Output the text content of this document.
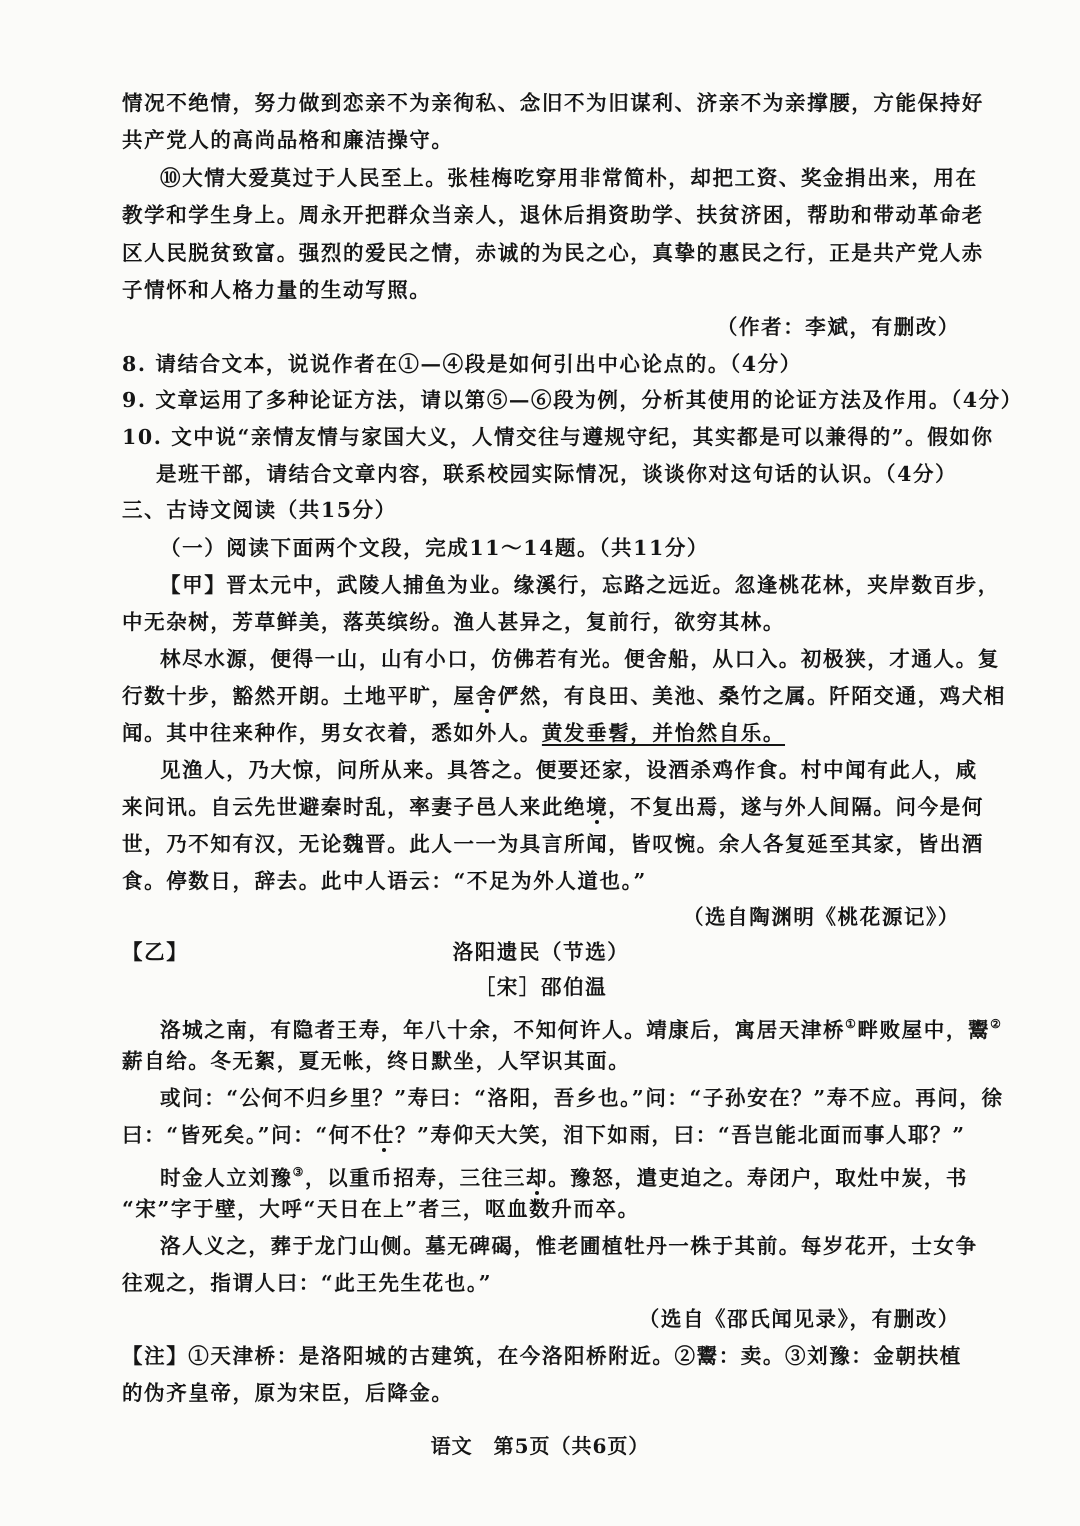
情况不绝情，努力做到恋亲不为亲徇私、念旧不为旧谋利、济亲不为亲撑腰，方能保持好
共产党人的高尚品格和廉洁操守。
⑩大情大爱莫过于人民至上。张桂梅吃穿用非常简朴，却把工资、奖金捐出来，用在
教学和学生身上。周永开把群众当亲人，退休后捐资助学、扶贫济困，帮助和带动革命老
区人民脱贫致富。强烈的爱民之情，赤诚的为民之心，真挚的惠民之行，正是共产党人赤
子情怀和人格力量的生动写照。
（作者：李斌，有删改）
8. 请结合文本，说说作者在①—④段是如何引出中心论点的。（4分）
9. 文章运用了多种论证方法，请以第⑤—⑥段为例，分析其使用的论证方法及作用。（4分）
10. 文中说“亲情友情与家国大义，人情交往与遵规守纪，其实都是可以兼得的”。假如你
是班干部，请结合文章内容，联系校园实际情况，谈谈你对这句话的认识。（4分）
三、古诗文阅读（共15分）
（一）阅读下面两个文段，完成11～14题。（共11分）
【甲】晋太元中，武陵人捕鱼为业。缘溪行，忘路之远近。忽逢桃花林，夹岸数百步，
中无杂树，芳草鲜美，落英缤纷。渔人甚异之，复前行，欲穷其林。
林尽水源，便得一山，山有小口，仿佛若有光。便舍船，从口入。初极狭，才通人。复
行数十步，豁然开朗。土地平旷，屋舍俨然，有良田、美池、桑竹之属。阡陌交通，鸡犬相
闻。其中往来种作，男女衣着，悉如外人。黄发垂髫，并怡然自乐。
见渔人，乃大惊，问所从来。具答之。便要还家，设酒杀鸡作食。村中闻有此人，咸
来问讯。自云先世避秦时乱，率妻子邑人来此绝境，不复出焉，遂与外人间隔。问今是何
世，乃不知有汉，无论魏晋。此人一一为具言所闻，皆叹惋。余人各复延至其家，皆出酒
食。停数日，辞去。此中人语云：“不足为外人道也。”
（选自陶渊明《桃花源记》）
【乙】	洛阳遗民（节选）
［宋］邵伯温
洛城之南，有隐者王寿，年八十余，不知何许人。靖康后，寓居天津桥①畔败屋中，鬻②
薪自给。冬无絮，夏无帐，终日默坐，人罕识其面。
或问：“公何不归乡里？”寿曰：“洛阳，吾乡也。”问：“子孙安在？”寿不应。再问，徐
曰：“皆死矣。”问：“何不仕？”寿仰天大笑，泪下如雨，曰：“吾岂能北面而事人耶？”
时金人立刘豫③，以重币招寿，三往三却。豫怒，遣吏迫之。寿闭户，取灶中炭，书
“宋”字于壁，大呼“天日在上”者三，呕血数升而卒。
洛人义之，葬于龙门山侧。墓无碑碣，惟老圃植牡丹一株于其前。每岁花开，士女争
往观之，指谓人曰：“此王先生花也。”
（选自《邵氏闻见录》，有删改）
【注】①天津桥：是洛阳城的古建筑，在今洛阳桥附近。②鬻：卖。③刘豫：金朝扶植
的伪齐皇帝，原为宋臣，后降金。
语文　第5页（共6页）
